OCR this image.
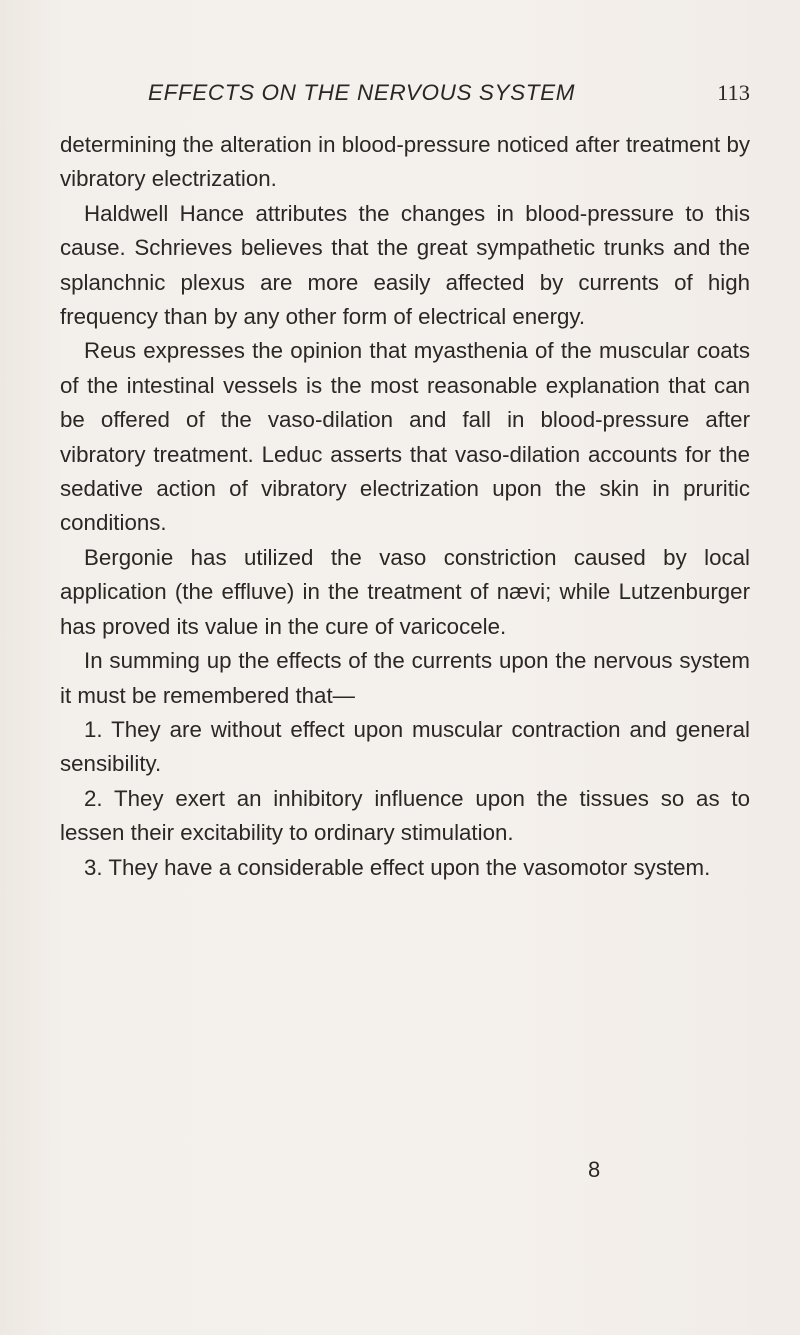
EFFECTS ON THE NERVOUS SYSTEM	113

determining the alteration in blood-pressure noticed after treatment by vibratory electrization.

Haldwell Hance attributes the changes in blood-pressure to this cause. Schrieves believes that the great sympathetic trunks and the splanchnic plexus are more easily affected by currents of high frequency than by any other form of electrical energy.

Reus expresses the opinion that myasthenia of the muscular coats of the intestinal vessels is the most reasonable explanation that can be offered of the vaso-dilation and fall in blood-pressure after vibratory treatment. Leduc asserts that vaso-dilation accounts for the sedative action of vibratory electrization upon the skin in pruritic conditions.

Bergonie has utilized the vaso constriction caused by local application (the effluve) in the treatment of nævi; while Lutzenburger has proved its value in the cure of varicocele.

In summing up the effects of the currents upon the nervous system it must be remembered that—

1. They are without effect upon muscular contraction and general sensibility.

2. They exert an inhibitory influence upon the tissues so as to lessen their excitability to ordinary stimulation.

3. They have a considerable effect upon the vasomotor system.

8
